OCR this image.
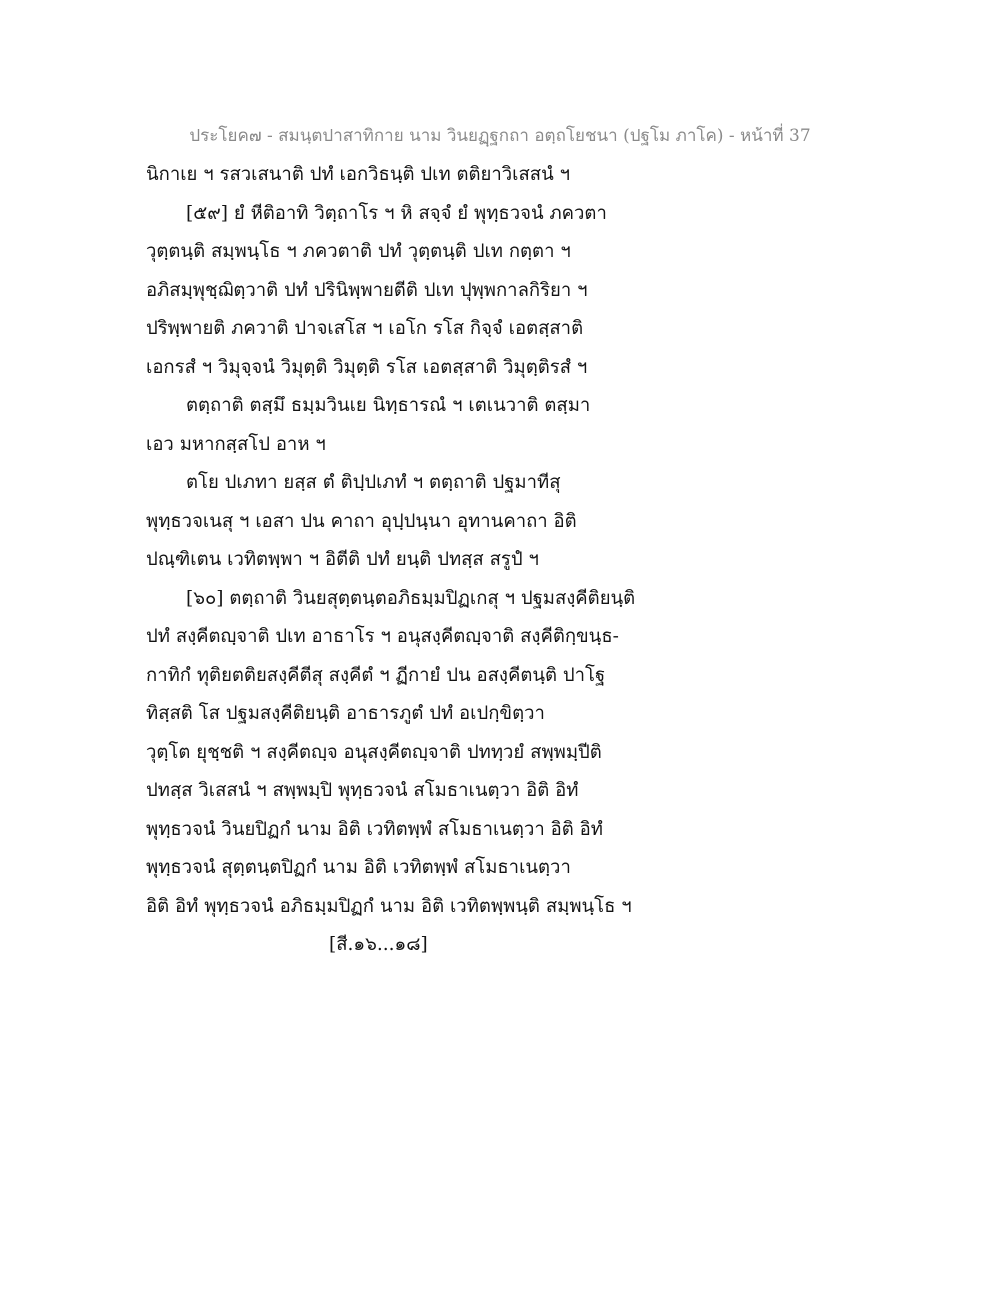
ประโยค๗ - สมนฺตปาสาทิกาย นาม วินยฏฺฐกถา อตฺถโยชนา (ปฐโม ภาโค) - หน้าที่ 37
นิกาเย ฯ รสวเสนาติ ปทํ เอกวิธนฺติ ปเท ตติยาวิเสสนํ ฯ
[๕๙] ยํ หีติอาทิ วิตฺถาโร ฯ หิ สจฺจํ ยํ พุทฺธวจนํ ภควตา
วุตฺตนฺติ สมฺพนฺโธ ฯ ภควตาติ ปทํ วุตฺตนฺติ ปเท กตฺตา ฯ
อภิสมฺพุชฺฌิตฺวาติ ปทํ ปรินิพฺพายตีติ ปเท ปุพฺพกาลกิริยา ฯ
ปริพฺพายติ ภควาติ ปาจเสโส ฯ เอโก รโส กิจฺจํ เอตสฺสาติ
เอกรสํ ฯ วิมุจฺจนํ วิมุตฺติ วิมุตฺติ รโส เอตสฺสาติ วิมุตฺติรสํ ฯ
ตตฺถาติ ตสฺมึ ธมฺมวินเย นิทฺธารณํ ฯ เตเนวาติ ตสฺมา
เอว มหากสฺสโป อาห ฯ
ตโย ปเภทา ยสฺส ตํ ติปฺปเภทํ ฯ ตตฺถาติ ปฐมาทีสุ
พุทฺธวจเนสุ ฯ เอสา ปน คาถา อุปฺปนฺนา อุทานคาถา อิติ
ปณฺฑิเตน เวทิตพฺพา ฯ อิตีติ ปทํ ยนฺติ ปทสฺส สรูปํ ฯ
[๖๐] ตตฺถาติ วินยสุตฺตนฺตอภิธมฺมปิฏเกสุ ฯ ปฐมสงฺคีติยนฺติ
ปทํ สงฺคีตญฺจาติ ปเท อาธาโร ฯ อนุสงฺคีตญฺจาติ สงฺคีติกฺขนฺธ-
กาทิกํ ทุติยตติยสงฺคีตีสุ สงฺคีตํ ฯ ฏีกายํ ปน อสงฺคีตนฺติ ปาโฐ
ทิสฺสติ โส ปฐมสงฺคีติยนฺติ อาธารภูตํ ปทํ อเปกฺขิตฺวา
วุตฺโต ยุชฺชติ ฯ สงฺคีตญฺจ อนุสงฺคีตญฺจาติ ปททฺวยํ สพฺพมฺปีติ
ปทสฺส วิเสสนํ ฯ สพฺพมฺปิ พุทฺธวจนํ สโมธาเนตฺวา อิติ อิทํ
พุทฺธวจนํ วินยปิฏกํ นาม อิติ เวทิตพฺพํ สโมธาเนตฺวา อิติ อิทํ
พุทฺธวจนํ สุตฺตนฺตปิฏกํ นาม อิติ เวทิตพฺพํ สโมธาเนตฺวา
อิติ อิทํ พุทฺธวจนํ อภิธมฺมปิฏกํ นาม อิติ เวทิตพฺพนฺติ สมฺพนฺโธ ฯ
[สี.๑๖...๑๘]
